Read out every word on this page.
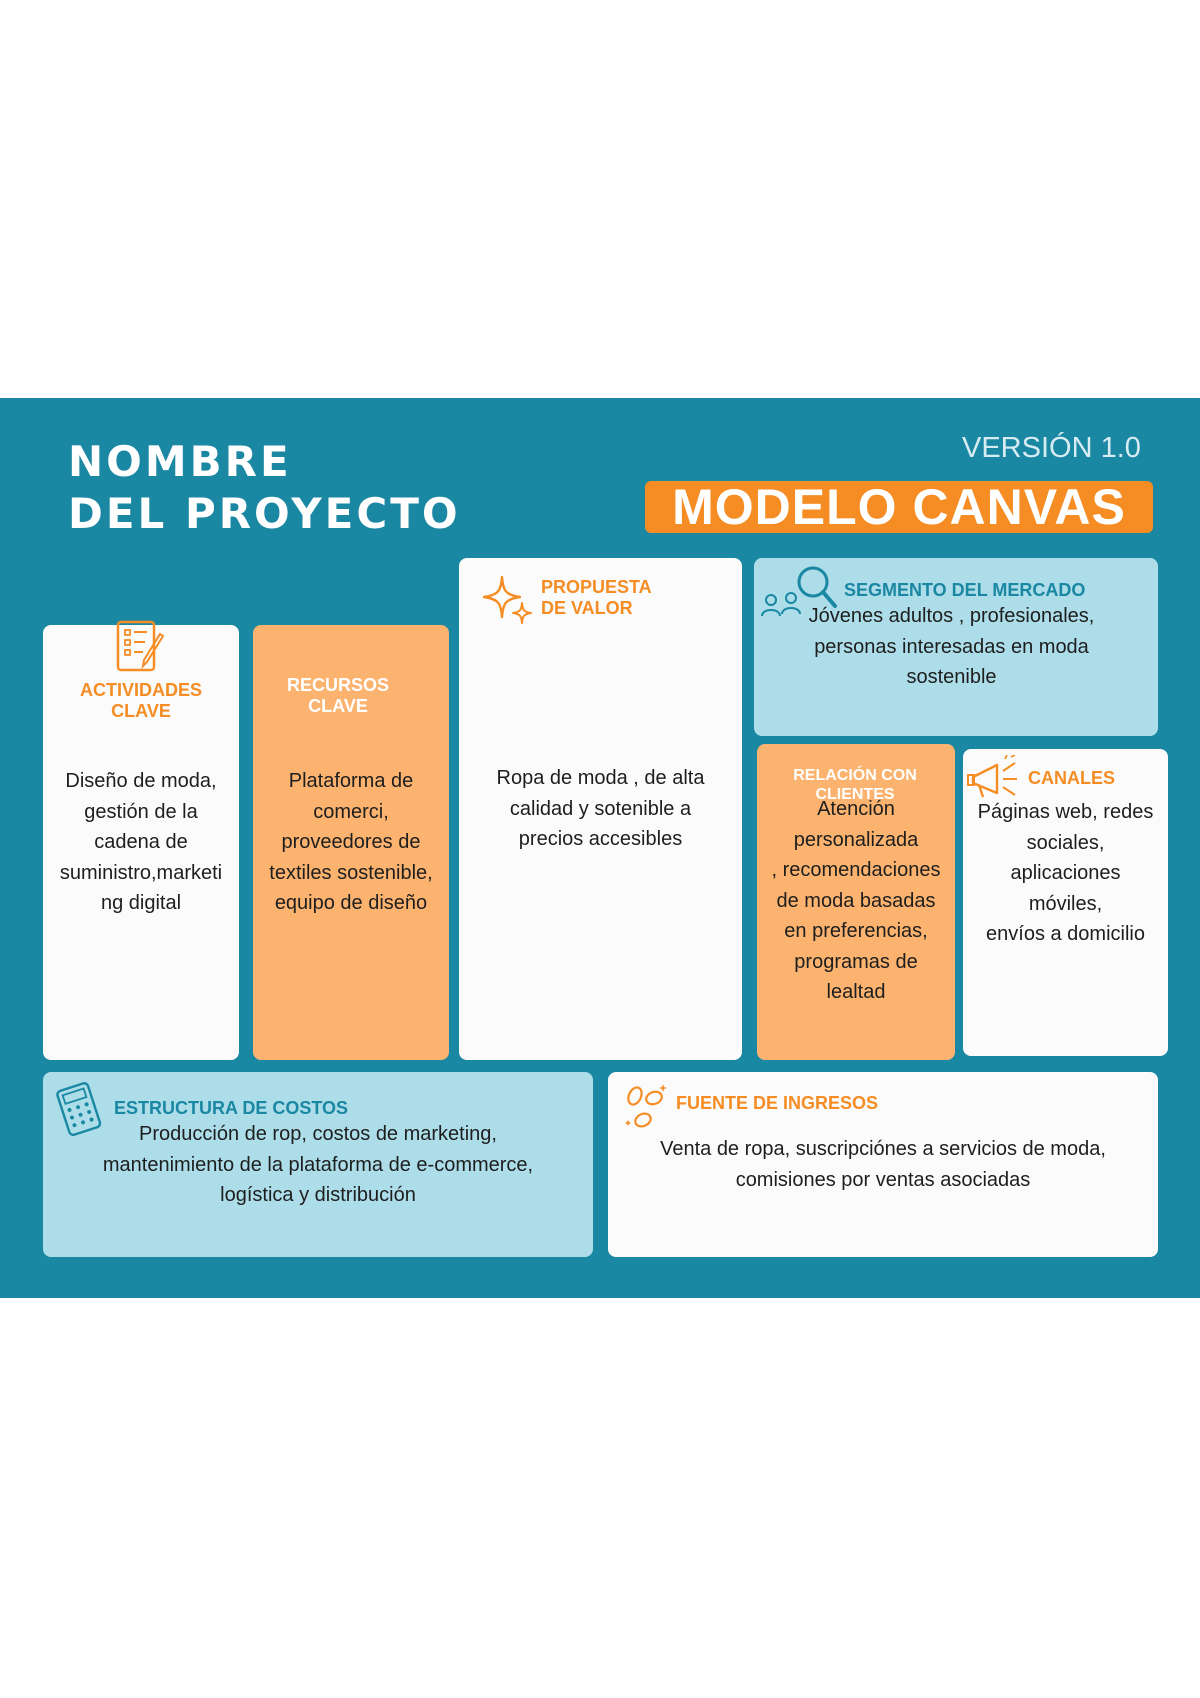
NOMBRE
DEL PROYECTO
VERSIÓN 1.0
MODELO CANVAS
ACTIVIDADES
CLAVE
Diseño de moda,
gestión de la
cadena de
suministro,marketi
ng digital
RECURSOS
CLAVE
Plataforma de
comerci,
proveedores de
textiles sostenible,
equipo de diseño
PROPUESTA
DE VALOR
Ropa de moda , de alta
calidad y sotenible a
precios accesibles
SEGMENTO DEL MERCADO
Jóvenes adultos , profesionales,
personas interesadas en moda
sostenible
RELACIÓN CON
CLIENTES
Atención
personalizada
, recomendaciones
de moda basadas
en preferencias,
programas de
lealtad
CANALES
Páginas web, redes
sociales,
aplicaciones
móviles,
envíos a domicilio
ESTRUCTURA DE COSTOS
Producción de rop, costos de marketing,
mantenimiento de la plataforma de e-commerce,
logística y distribución
FUENTE DE INGRESOS
Venta de ropa, suscripciónes a servicios de moda,
comisiones por ventas asociadas
